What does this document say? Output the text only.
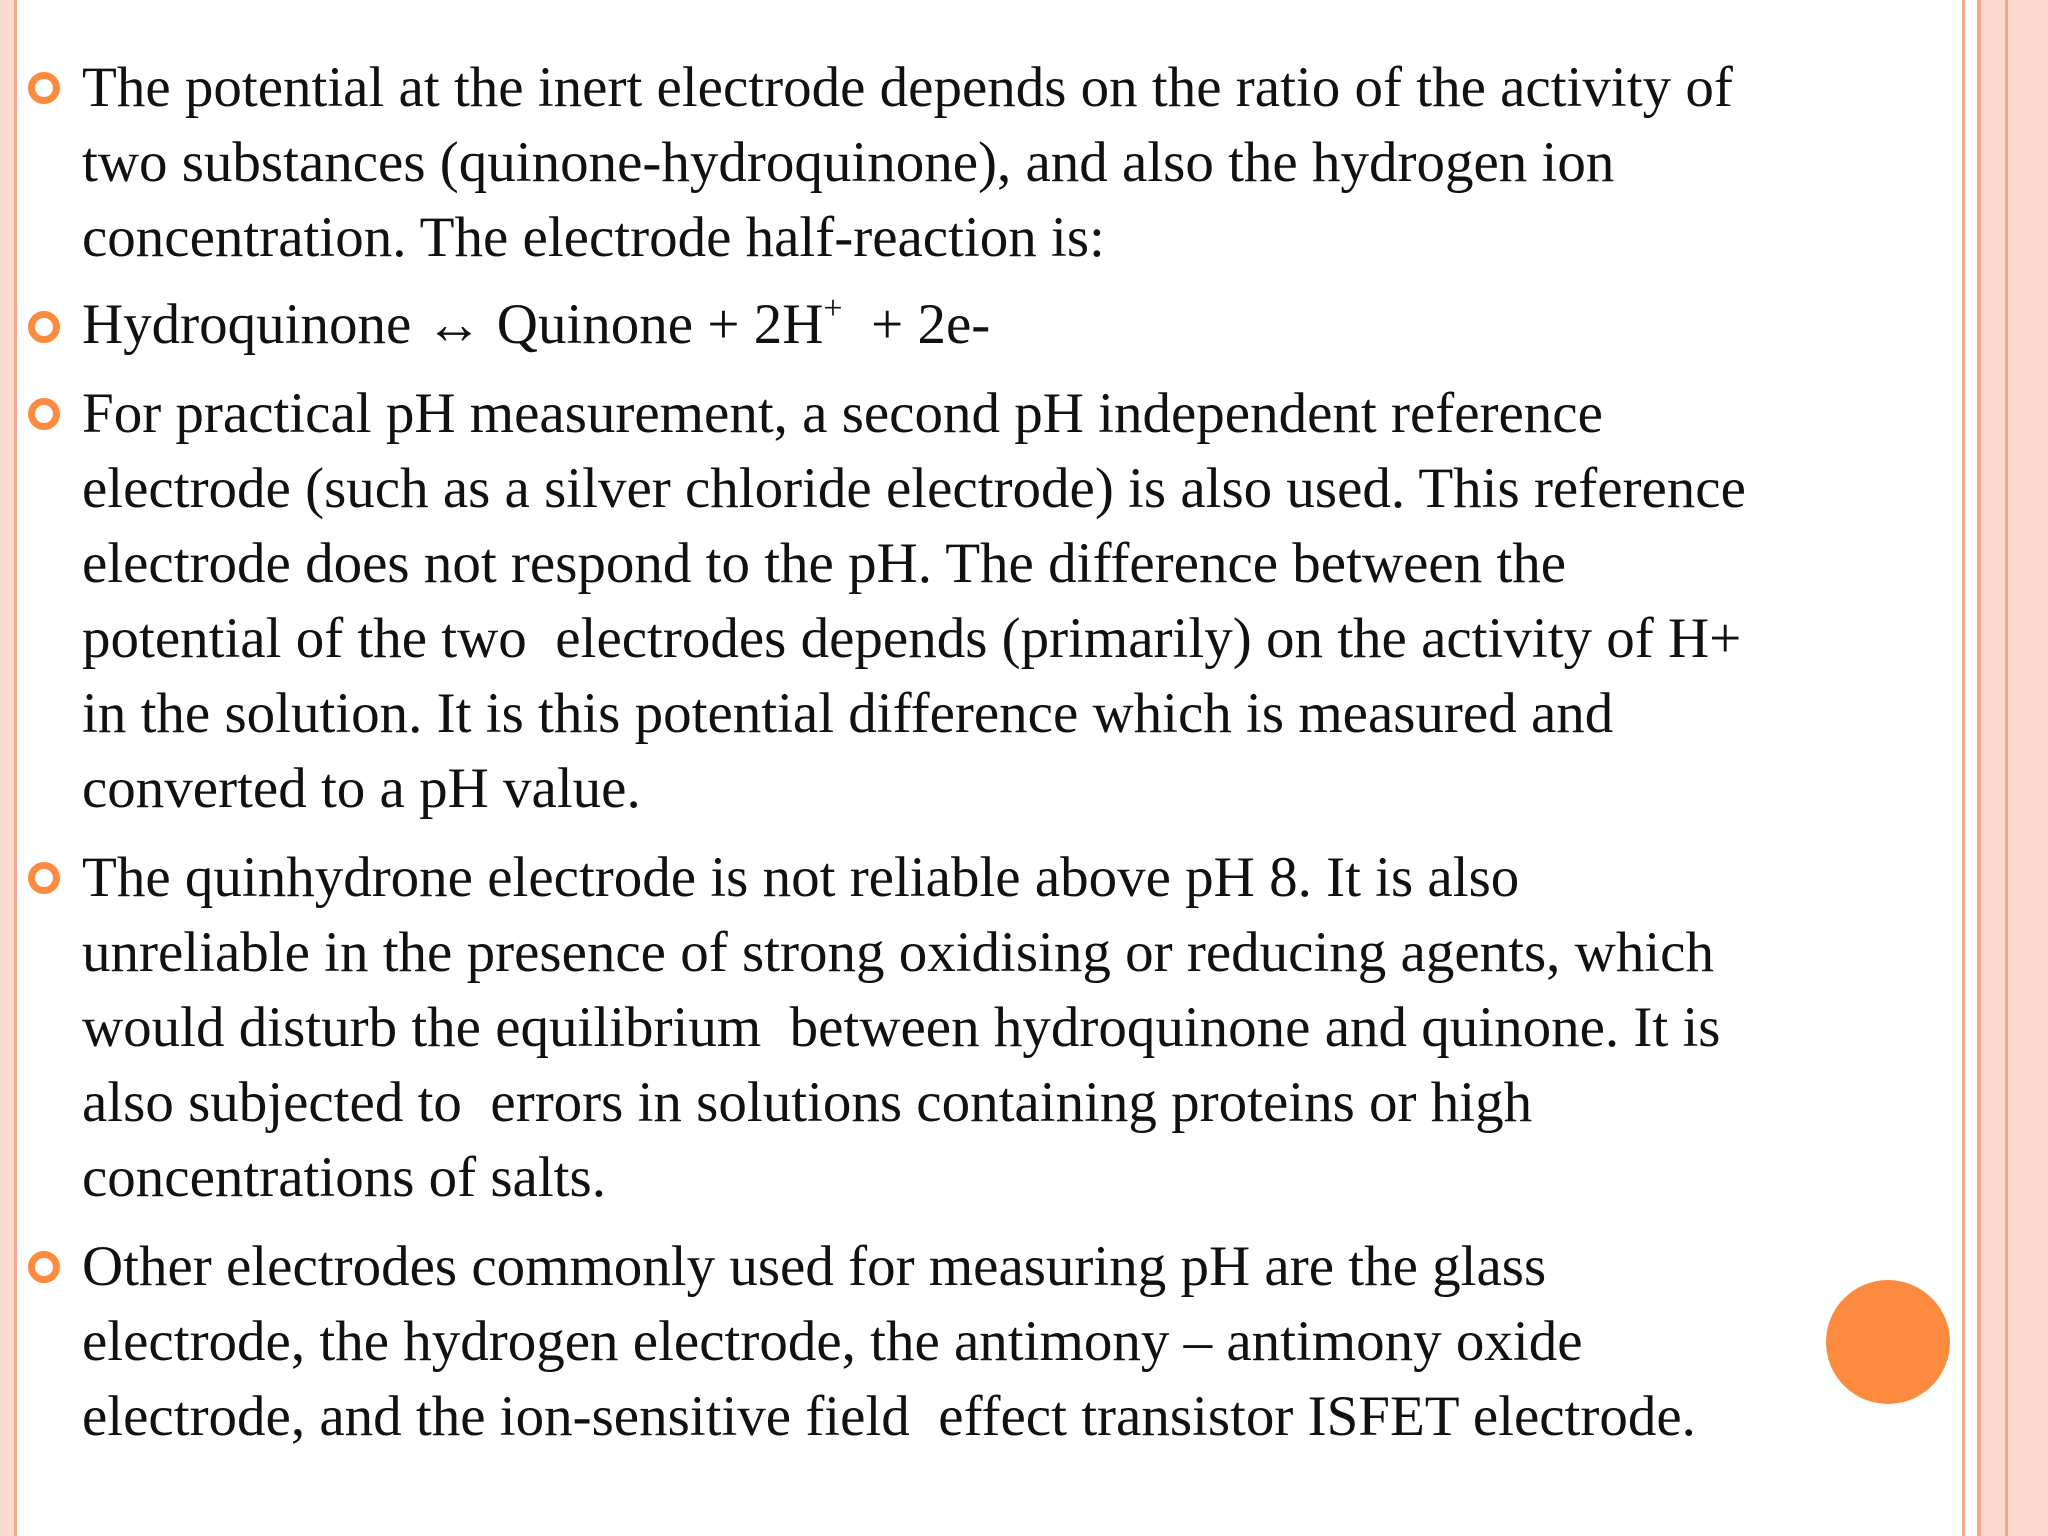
The potential at the inert electrode depends on the ratio of the activity of
two substances (quinone-hydroquinone), and also the hydrogen ion
concentration. The electrode half-reaction is:
Hydroquinone ↔ Quinone + 2H+  + 2e-
For practical pH measurement, a second pH independent reference
electrode (such as a silver chloride electrode) is also used. This reference
electrode does not respond to the pH. The difference between the
potential of the two  electrodes depends (primarily) on the activity of H+
in the solution. It is this potential difference which is measured and
converted to a pH value.
The quinhydrone electrode is not reliable above pH 8. It is also
unreliable in the presence of strong oxidising or reducing agents, which
would disturb the equilibrium  between hydroquinone and quinone. It is
also subjected to  errors in solutions containing proteins or high
concentrations of salts.
Other electrodes commonly used for measuring pH are the glass
electrode, the hydrogen electrode, the antimony – antimony oxide
electrode, and the ion-sensitive field  effect transistor ISFET electrode.
